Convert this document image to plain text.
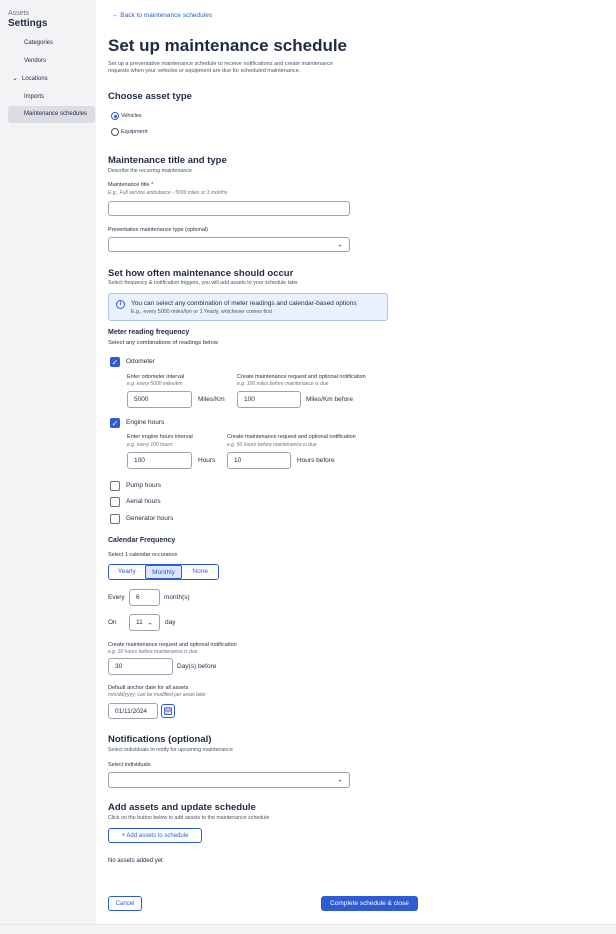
Assets
Settings
Categories
Vendors
⌄ Locations
Imports
Maintenance schedules
← Back to maintenance schedules
Set up maintenance schedule
Set up a preventative maintenance schedule to receive notifications and create maintenance
requests when your vehicles or equipment are due for scheduled maintenance.
Choose asset type
Vehicles
Equipment
Maintenance title and type
Describe the recurring maintenance
Maintenance title *
E.g., Full service ambulance - 5000 miles or 3 months
Preventative maintenance type (optional)
⌄
Set how often maintenance should occur
Select frequency & notification triggers, you will add assets to your schedule later
i	You can select any combination of meter readings and calendar-based options
E.g., every 5000 miles/km or 1 Yearly, whichever comes first
Meter reading frequency
Select any combinations of readings below
✓ Odometer
Enter odometer interval
e.g. every 5000 miles/km
5000	Miles/Km
Create maintenance request and optional notification
e.g. 100 miles before maintenance is due
100	Miles/Km before
✓ Engine hours
Enter engine hours interval
e.g. every 100 hours
100	Hours
Create maintenance request and optional notification
e.g. 50 hours before maintenance is due
10	Hours before
Pump hours
Aerial hours
Generator hours
Calendar Frequency
Select 1 calendar occurance
Yearly	Monthly	None
Every	6	month(s)
On	11 ⌄ day
Create maintenance request and optional notification
e.g. 50 hours before maintenance is due
30	Day(s) before
Default anchor date for all assets
mm/dd/yyyy; can be modified per asset later
01/11/2024
Notifications (optional)
Select individuals to notify for upcoming maintenance
Select individuals
⌄
Add assets and update schedule
Click on the button below to add assets to the maintenance schedule
+ Add assets to schedule
No assets added yet
Cancel	Complete schedule & close
